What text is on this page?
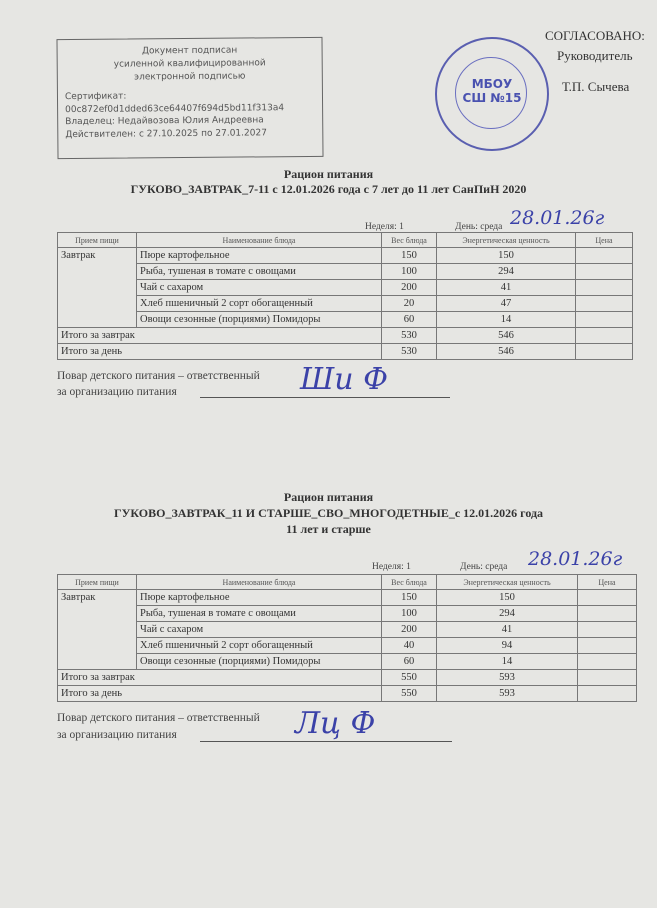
Документ подписан
усиленной квалифицированной
электронной подписью
Сертификат:
00c872ef0d1dded63ce64407f694d5bd11f313a4
Владелец: Недайвозова Юлия Андреевна
Действителен: с 27.10.2025 по 27.01.2027
МБОУ СШ №15
СОГЛАСОВАНО:
Руководитель
Т.П. Сычева
Рацион питания
ГУКОВО_ЗАВТРАК_7-11 с 12.01.2026 года с 7 лет до 11 лет СанПиН 2020
Неделя: 1	День: среда 28.01.26г
Прием пищи	Наименование блюда	Вес блюда	Энергетическая ценность	Цена
Завтрак	Пюре картофельное	150	150	
	Рыба, тушеная в томате с овощами	100	294	
	Чай с сахаром	200	41	
	Хлеб пшеничный 2 сорт обогащенный	20	47	
	Овощи сезонные (порциями) Помидоры	60	14	
Итого за завтрак		530	546	
Итого за день		530	546	
Повар детского питания – ответственный
за организацию питания	Ши Ф
Рацион питания
ГУКОВО_ЗАВТРАК_11 И СТАРШЕ_СВО_МНОГОДЕТНЫЕ_с 12.01.2026 года
11 лет и старше
Неделя: 1	День: среда 28.01.26г
Прием пищи	Наименование блюда	Вес блюда	Энергетическая ценность	Цена
Завтрак	Пюре картофельное	150	150	
	Рыба, тушеная в томате с овощами	100	294	
	Чай с сахаром	200	41	
	Хлеб пшеничный 2 сорт обогащенный	40	94	
	Овощи сезонные (порциями) Помидоры	60	14	
Итого за завтрак		550	593	
Итого за день		550	593	
Повар детского питания – ответственный
за организацию питания	Лц Ф
